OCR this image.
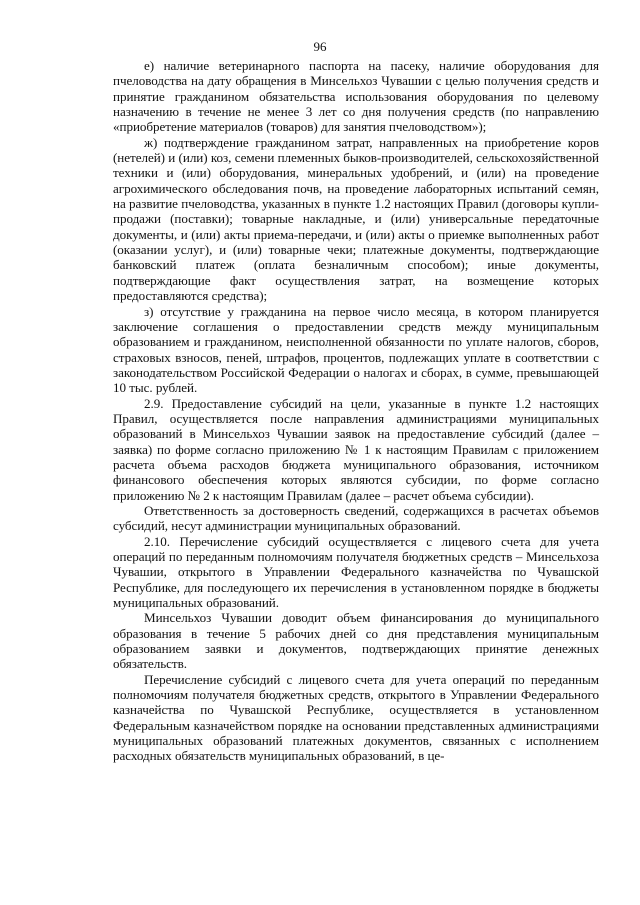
96

е) наличие ветеринарного паспорта на пасеку, наличие оборудования для пчеловодства на дату обращения в Минсельхоз Чувашии с целью получения средств и принятие гражданином обязательства использования оборудования по целевому назначению в течение не менее 3 лет со дня получения средств (по направлению «приобретение материалов (товаров) для занятия пчеловодством»);

ж) подтверждение гражданином затрат, направленных на приобретение коров (нетелей) и (или) коз, семени племенных быков-производителей, сельскохозяйственной техники и (или) оборудования, минеральных удобрений, и (или) на проведение агрохимического обследования почв, на проведение лабораторных испытаний семян, на развитие пчеловодства, указанных в пункте 1.2 настоящих Правил (договоры купли-продажи (поставки); товарные накладные, и (или) универсальные передаточные документы, и (или) акты приема-передачи, и (или) акты о приемке выполненных работ (оказании услуг), и (или) товарные чеки; платежные документы, подтверждающие банковский платеж (оплата безналичным способом); иные документы, подтверждающие факт осуществления затрат, на возмещение которых предоставляются средства);

з) отсутствие у гражданина на первое число месяца, в котором планируется заключение соглашения о предоставлении средств между муниципальным образованием и гражданином, неисполненной обязанности по уплате налогов, сборов, страховых взносов, пеней, штрафов, процентов, подлежащих уплате в соответствии с законодательством Российской Федерации о налогах и сборах, в сумме, превышающей 10 тыс. рублей.

2.9. Предоставление субсидий на цели, указанные в пункте 1.2 настоящих Правил, осуществляется после направления администрациями муниципальных образований в Минсельхоз Чувашии заявок на предоставление субсидий (далее – заявка) по форме согласно приложению № 1 к настоящим Правилам с приложением расчета объема расходов бюджета муниципального образования, источником финансового обеспечения которых являются субсидии, по форме согласно приложению № 2 к настоящим Правилам (далее – расчет объема субсидии).

Ответственность за достоверность сведений, содержащихся в расчетах объемов субсидий, несут администрации муниципальных образований.

2.10. Перечисление субсидий осуществляется с лицевого счета для учета операций по переданным полномочиям получателя бюджетных средств – Минсельхоза Чувашии, открытого в Управлении Федерального казначейства по Чувашской Республике, для последующего их перечисления в установленном порядке в бюджеты муниципальных образований.

Минсельхоз Чувашии доводит объем финансирования до муниципального образования в течение 5 рабочих дней со дня представления муниципальным образованием заявки и документов, подтверждающих принятие денежных обязательств.

Перечисление субсидий с лицевого счета для учета операций по переданным полномочиям получателя бюджетных средств, открытого в Управлении Федерального казначейства по Чувашской Республике, осуществляется в установленном Федеральным казначейством порядке на основании представленных администрациями муниципальных образований платежных документов, связанных с исполнением расходных обязательств муниципальных образований, в це-
